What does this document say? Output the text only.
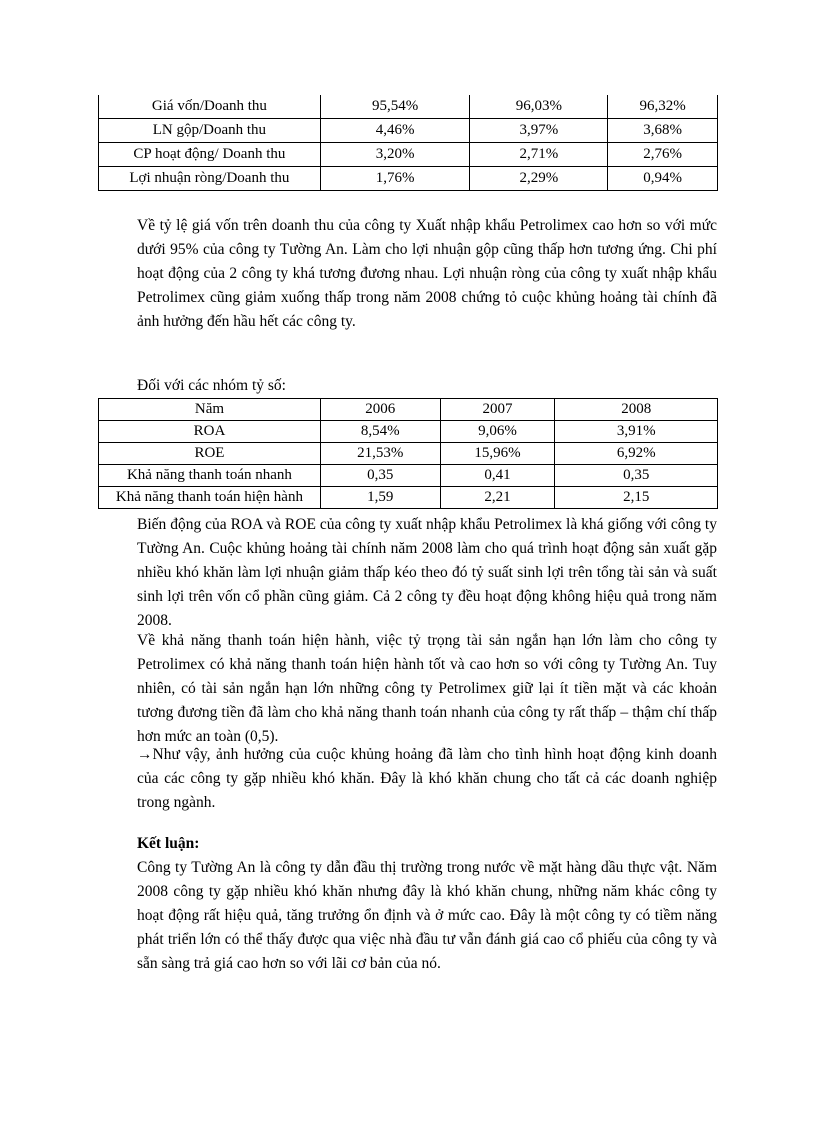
Giá vốn/Doanh thu	95,54%	96,03%	96,32%
LN gộp/Doanh thu	4,46%	3,97%	3,68%
CP hoạt động/ Doanh thu	3,20%	2,71%	2,76%
Lợi nhuận ròng/Doanh thu	1,76%	2,29%	0,94%

Về tỷ lệ giá vốn trên doanh thu của công ty Xuất nhập khẩu Petrolimex cao hơn so với mức dưới 95% của công ty Tường An. Làm cho lợi nhuận gộp cũng thấp hơn tương ứng. Chi phí hoạt động của 2 công ty khá tương đương nhau. Lợi nhuận ròng của công ty xuất nhập khẩu Petrolimex cũng giảm xuống thấp trong năm 2008 chứng tỏ cuộc khủng hoảng tài chính đã ảnh hưởng đến hầu hết các công ty.

Đối với các nhóm tỷ số:
Năm	2006	2007	2008
ROA	8,54%	9,06%	3,91%
ROE	21,53%	15,96%	6,92%
Khả năng thanh toán nhanh	0,35	0,41	0,35
Khả năng thanh toán hiện hành	1,59	2,21	2,15

Biến động của ROA và ROE của công ty xuất nhập khẩu Petrolimex là khá giống với công ty Tường An. Cuộc khủng hoảng tài chính năm 2008 làm cho quá trình hoạt động sản xuất gặp nhiều khó khăn làm lợi nhuận giảm thấp kéo theo đó tỷ suất sinh lợi trên tổng tài sản và suất sinh lợi trên vốn cổ phần cũng giảm. Cả 2 công ty đều hoạt động không hiệu quả trong năm 2008.

Về khả năng thanh toán hiện hành, việc tỷ trọng tài sản ngắn hạn lớn làm cho công ty Petrolimex có khả năng thanh toán hiện hành tốt và cao hơn so với công ty Tường An. Tuy nhiên, có tài sản ngắn hạn lớn những công ty Petrolimex giữ lại ít tiền mặt và các khoản tương đương tiền đã làm cho khả năng thanh toán nhanh của công ty rất thấp – thậm chí thấp hơn mức an toàn (0,5).

→Như vậy, ảnh hưởng của cuộc khủng hoảng đã làm cho tình hình hoạt động kinh doanh của các công ty gặp nhiều khó khăn. Đây là khó khăn chung cho tất cả các doanh nghiệp trong ngành.

Kết luận:

Công ty Tường An là công ty dẫn đầu thị trường trong nước về mặt hàng dầu thực vật. Năm 2008 công ty gặp nhiều khó khăn nhưng đây là khó khăn chung, những năm khác công ty hoạt động rất hiệu quả, tăng trưởng ổn định và ở mức cao. Đây là một công ty có tiềm năng phát triển lớn có thể thấy được qua việc nhà đầu tư vẫn đánh giá cao cổ phiếu của công ty và sẵn sàng trả giá cao hơn so với lãi cơ bản của nó.
